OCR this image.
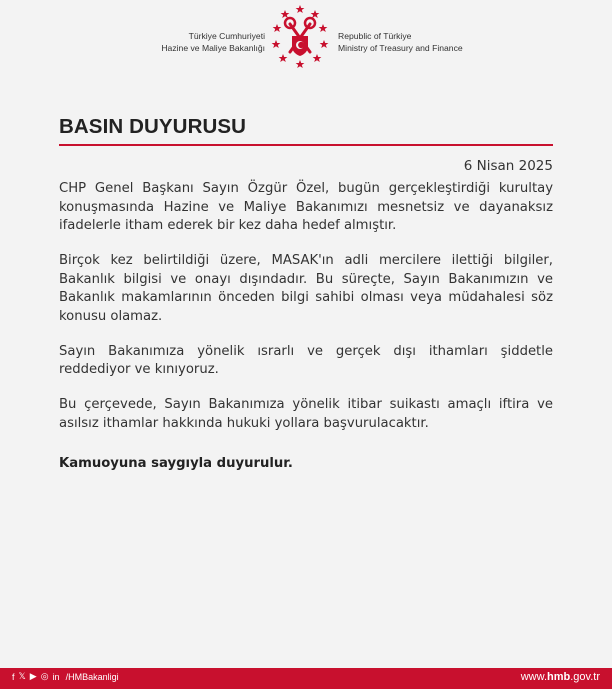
Türkiye Cumhuriyeti
Hazine ve Maliye Bakanlığı
Republic of Türkiye
Ministry of Treasury and Finance
BASIN DUYURUSU
6 Nisan 2025

CHP Genel Başkanı Sayın Özgür Özel, bugün gerçekleştirdiği kurultay konuşmasında Hazine ve Maliye Bakanımızı mesnetsiz ve dayanaksız ifadelerle itham ederek bir kez daha hedef almıştır.

Birçok kez belirtildiği üzere, MASAK'ın adli mercilere ilettiği bilgiler, Bakanlık bilgisi ve onayı dışındadır. Bu süreçte, Sayın Bakanımızın ve Bakanlık makamlarının önceden bilgi sahibi olması veya müdahalesi söz konusu olamaz.

Sayın Bakanımıza yönelik ısrarlı ve gerçek dışı ithamları şiddetle reddediyor ve kınıyoruz.

Bu çerçevede, Sayın Bakanımıza yönelik itibar suikastı amaçlı iftira ve asılsız ithamlar hakkında hukuki yollara başvurulacaktır.

Kamuoyuna saygıyla duyurulur.
f 𝕏 ▶ ◎ in /HMBakanligi	www.hmb.gov.tr
